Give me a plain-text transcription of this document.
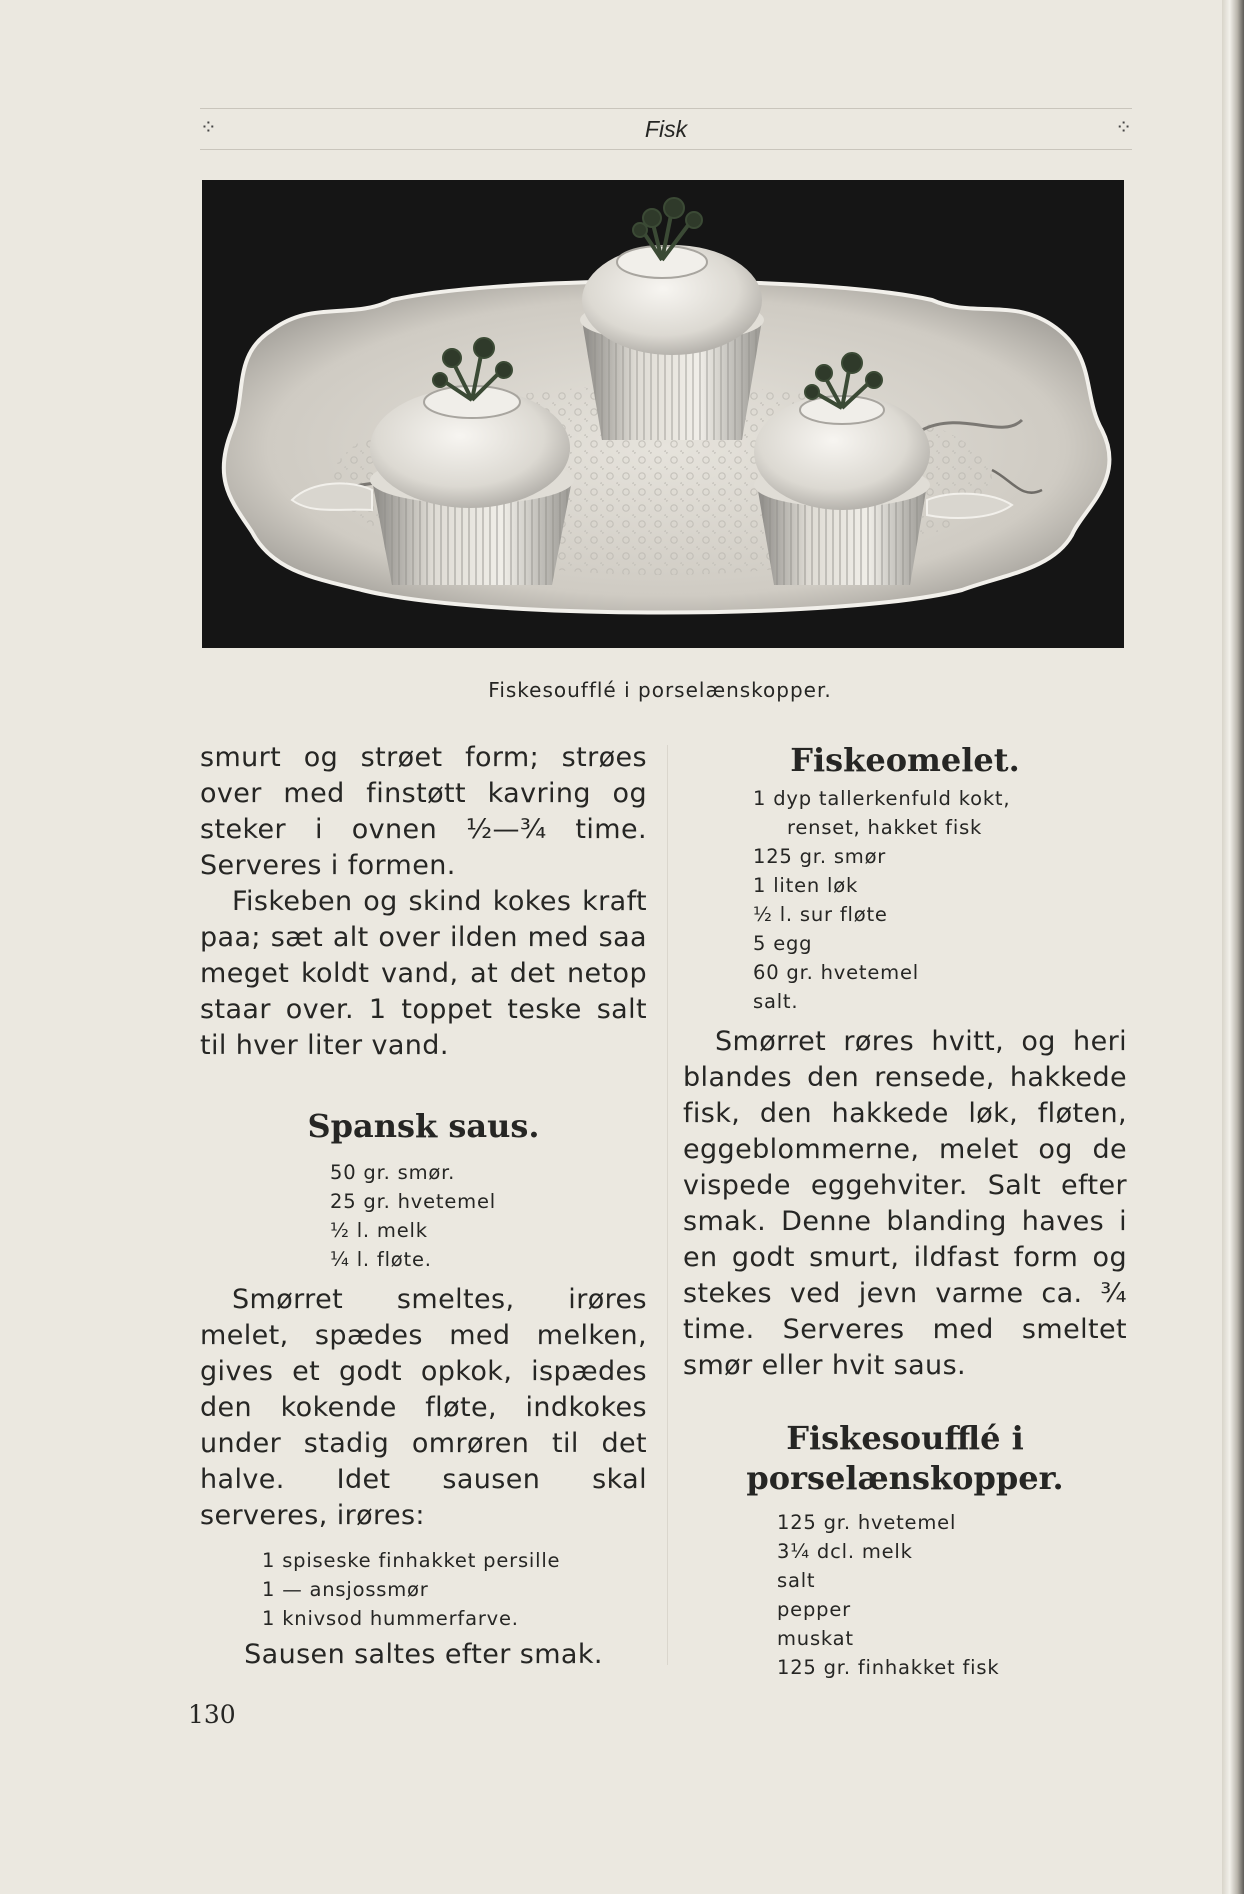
⁘	Fisk	⁘
Fiskesoufflé i porselænskopper.

smurt og strøet form; strøes over med finstøtt kavring og steker i ovnen ½—¾ time. Serveres i formen.

Fiskeben og skind kokes kraft paa; sæt alt over ilden med saa meget koldt vand, at det netop staar over. 1 toppet teske salt til hver liter vand.

Spansk saus.
50 gr. smør.
25 gr. hvetemel
½ l. melk
¼ l. fløte.

Smørret smeltes, irøres melet, spædes med melken, gives et godt opkok, ispædes den kokende fløte, indkokes under stadig omrøren til det halve. Idet sausen skal serveres, irøres:

1 spiseske finhakket persille
1 — ansjossmør
1 knivsod hummerfarve.

Sausen saltes efter smak.

Fiskeomelet.
1 dyp tallerkenfuld kokt,
renset, hakket fisk
125 gr. smør
1 liten løk
½ l. sur fløte
5 egg
60 gr. hvetemel
salt.

Smørret røres hvitt, og heri blandes den rensede, hakkede fisk, den hakkede løk, fløten, eggeblommerne, melet og de vispede eggehviter. Salt efter smak. Denne blanding haves i en godt smurt, ildfast form og stekes ved jevn varme ca. ¾ time. Serveres med smeltet smør eller hvit saus.

Fiskesoufflé i porselænskopper.
125 gr. hvetemel
3¼ dcl. melk
salt
pepper
muskat
125 gr. finhakket fisk
130
